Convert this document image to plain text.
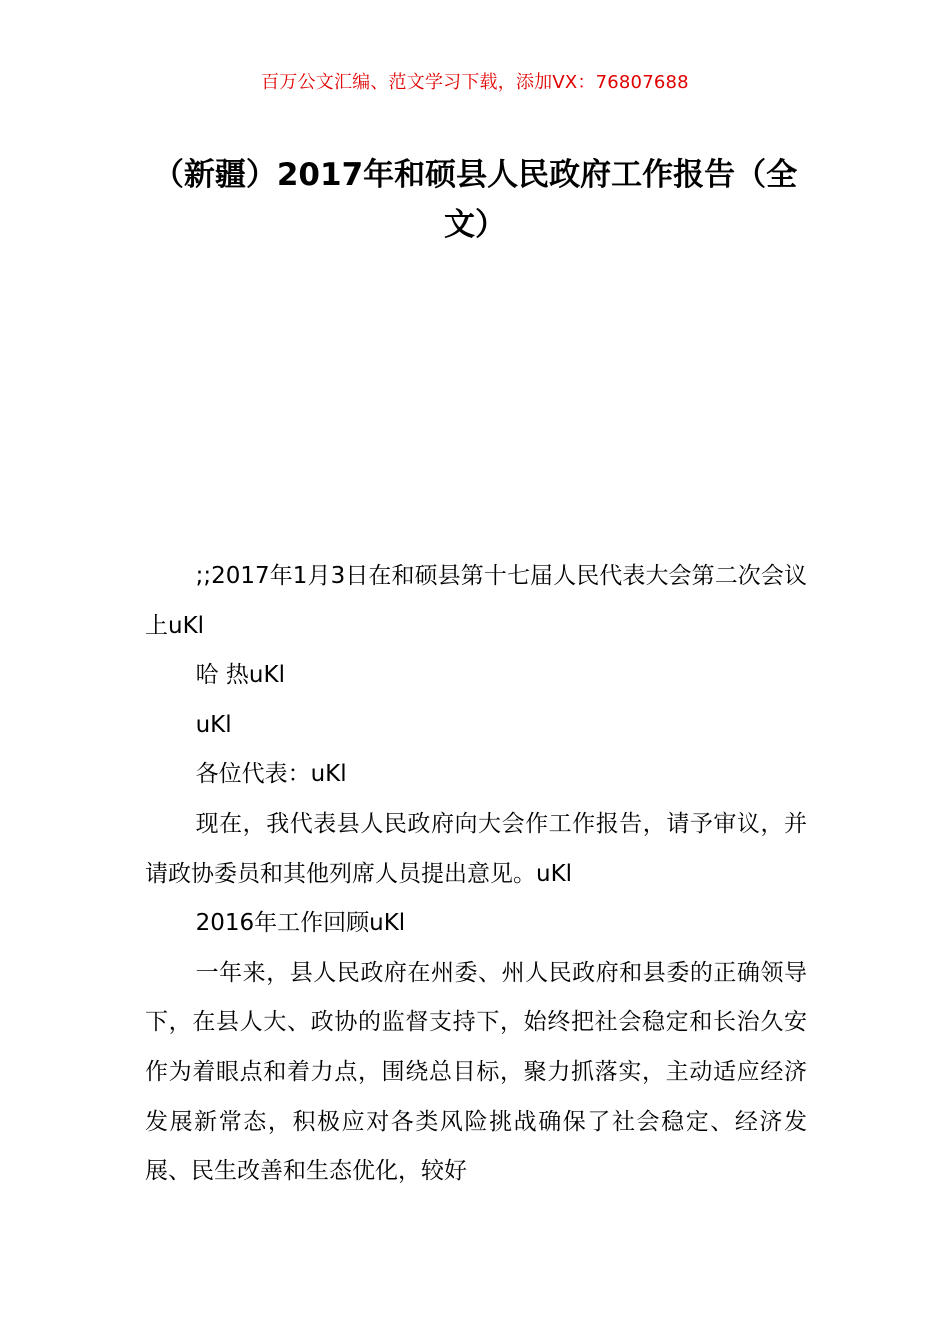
百万公文汇编、范文学习下载，添加VX：76807688
（新疆）2017年和硕县人民政府工作报告（全文）

;;2017年1月3日在和硕县第十七届人民代表大会第二次会议上uKl

哈 热uKl

uKl

各位代表：uKl

现在，我代表县人民政府向大会作工作报告，请予审议，并请政协委员和其他列席人员提出意见。uKl

2016年工作回顾uKl

一年来，县人民政府在州委、州人民政府和县委的正确领导下，在县人大、政协的监督支持下，始终把社会稳定和长治久安作为着眼点和着力点，围绕总目标，聚力抓落实，主动适应经济发展新常态，积极应对各类风险挑战确保了社会稳定、经济发展、民生改善和生态优化，较好
